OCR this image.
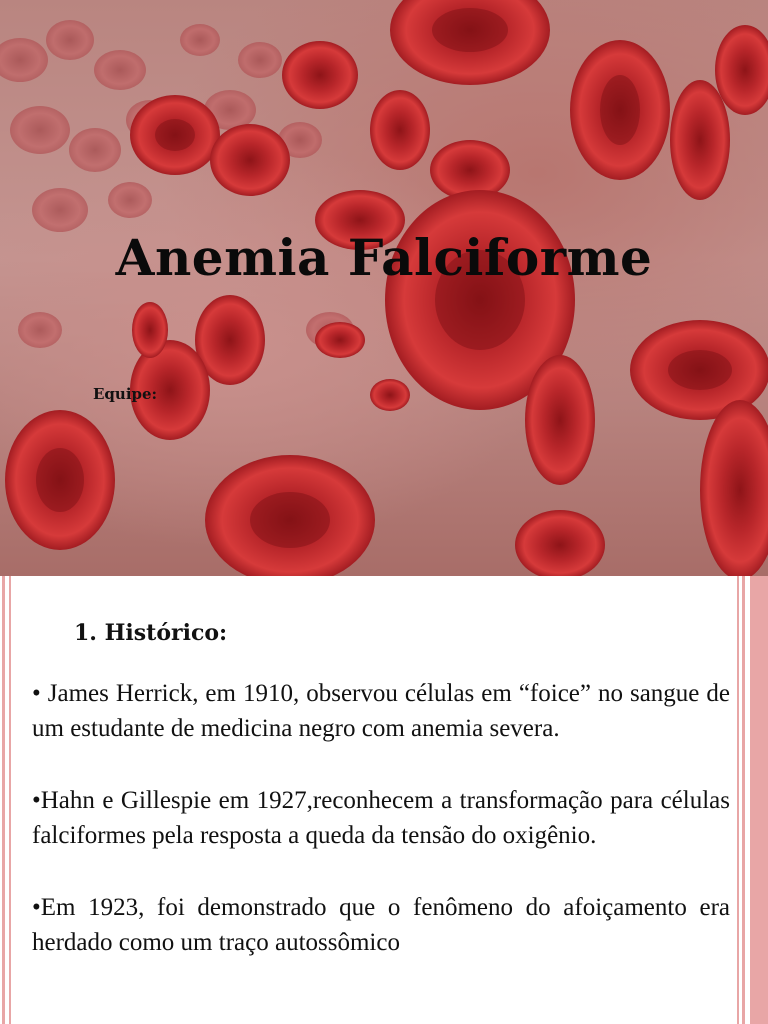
Anemia Falciforme
Equipe:
1. Histórico:

• James Herrick, em 1910, observou células em “foice” no sangue de um estudante de medicina negro com anemia severa.

•Hahn e Gillespie em 1927,reconhecem a transformação para células falciformes pela resposta a queda da tensão do oxigênio.

•Em 1923, foi demonstrado que o fenômeno do afoiçamento era herdado como um traço autossômico
